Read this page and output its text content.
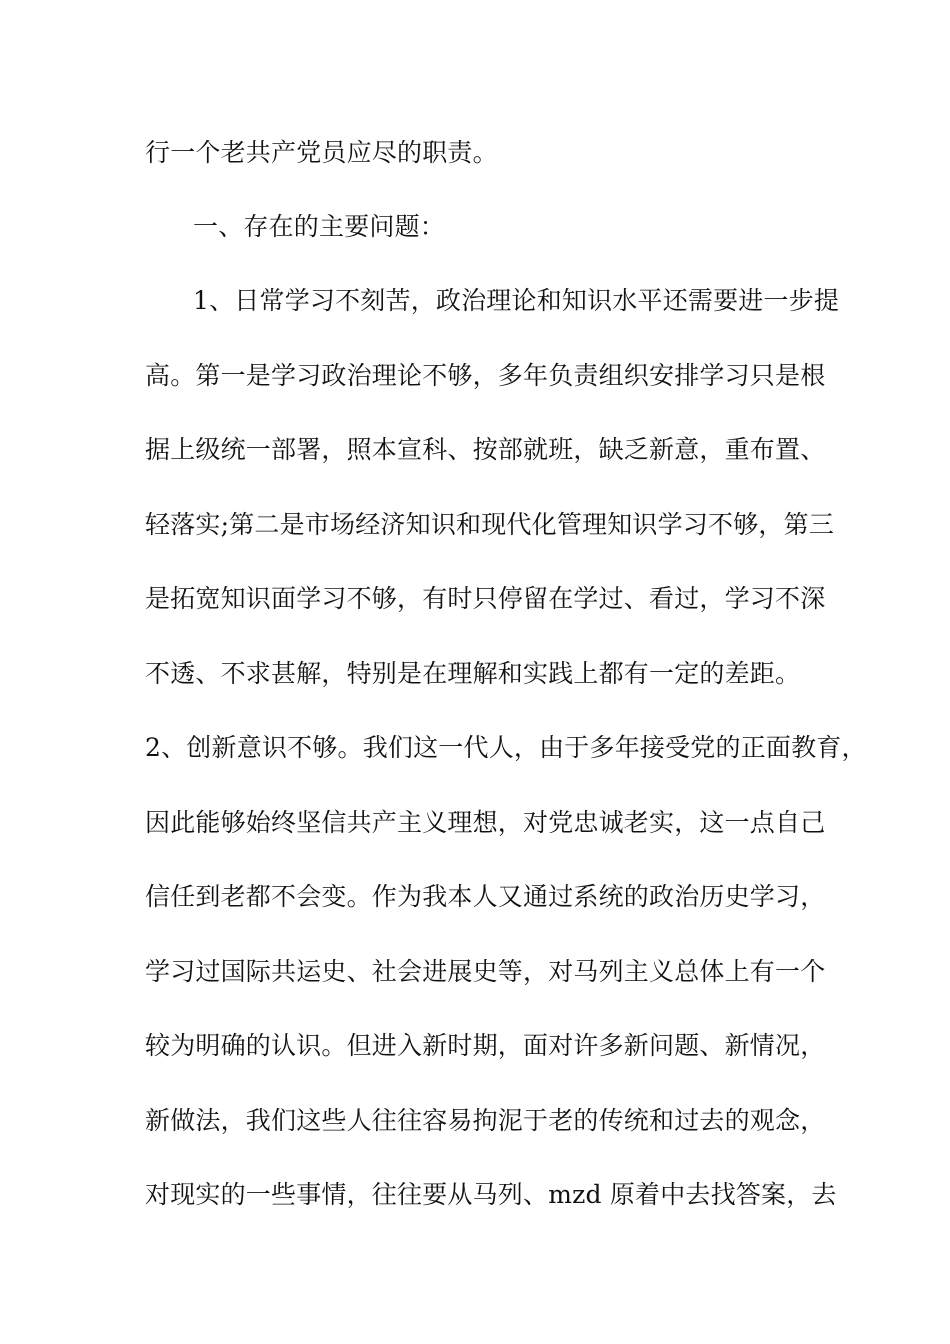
行一个老共产党员应尽的职责。
一、存在的主要问题：
1、日常学习不刻苦，政治理论和知识水平还需要进一步提
高。第一是学习政治理论不够，多年负责组织安排学习只是根
据上级统一部署，照本宣科、按部就班，缺乏新意，重布置、
轻落实;第二是市场经济知识和现代化管理知识学习不够，第三
是拓宽知识面学习不够，有时只停留在学过、看过，学习不深
不透、不求甚解，特别是在理解和实践上都有一定的差距。
2、创新意识不够。我们这一代人，由于多年接受党的正面教育，
因此能够始终坚信共产主义理想，对党忠诚老实，这一点自己
信任到老都不会变。作为我本人又通过系统的政治历史学习，
学习过国际共运史、社会进展史等，对马列主义总体上有一个
较为明确的认识。但进入新时期，面对许多新问题、新情况，
新做法，我们这些人往往容易拘泥于老的传统和过去的观念，
对现实的一些事情，往往要从马列、mzd 原着中去找答案，去
